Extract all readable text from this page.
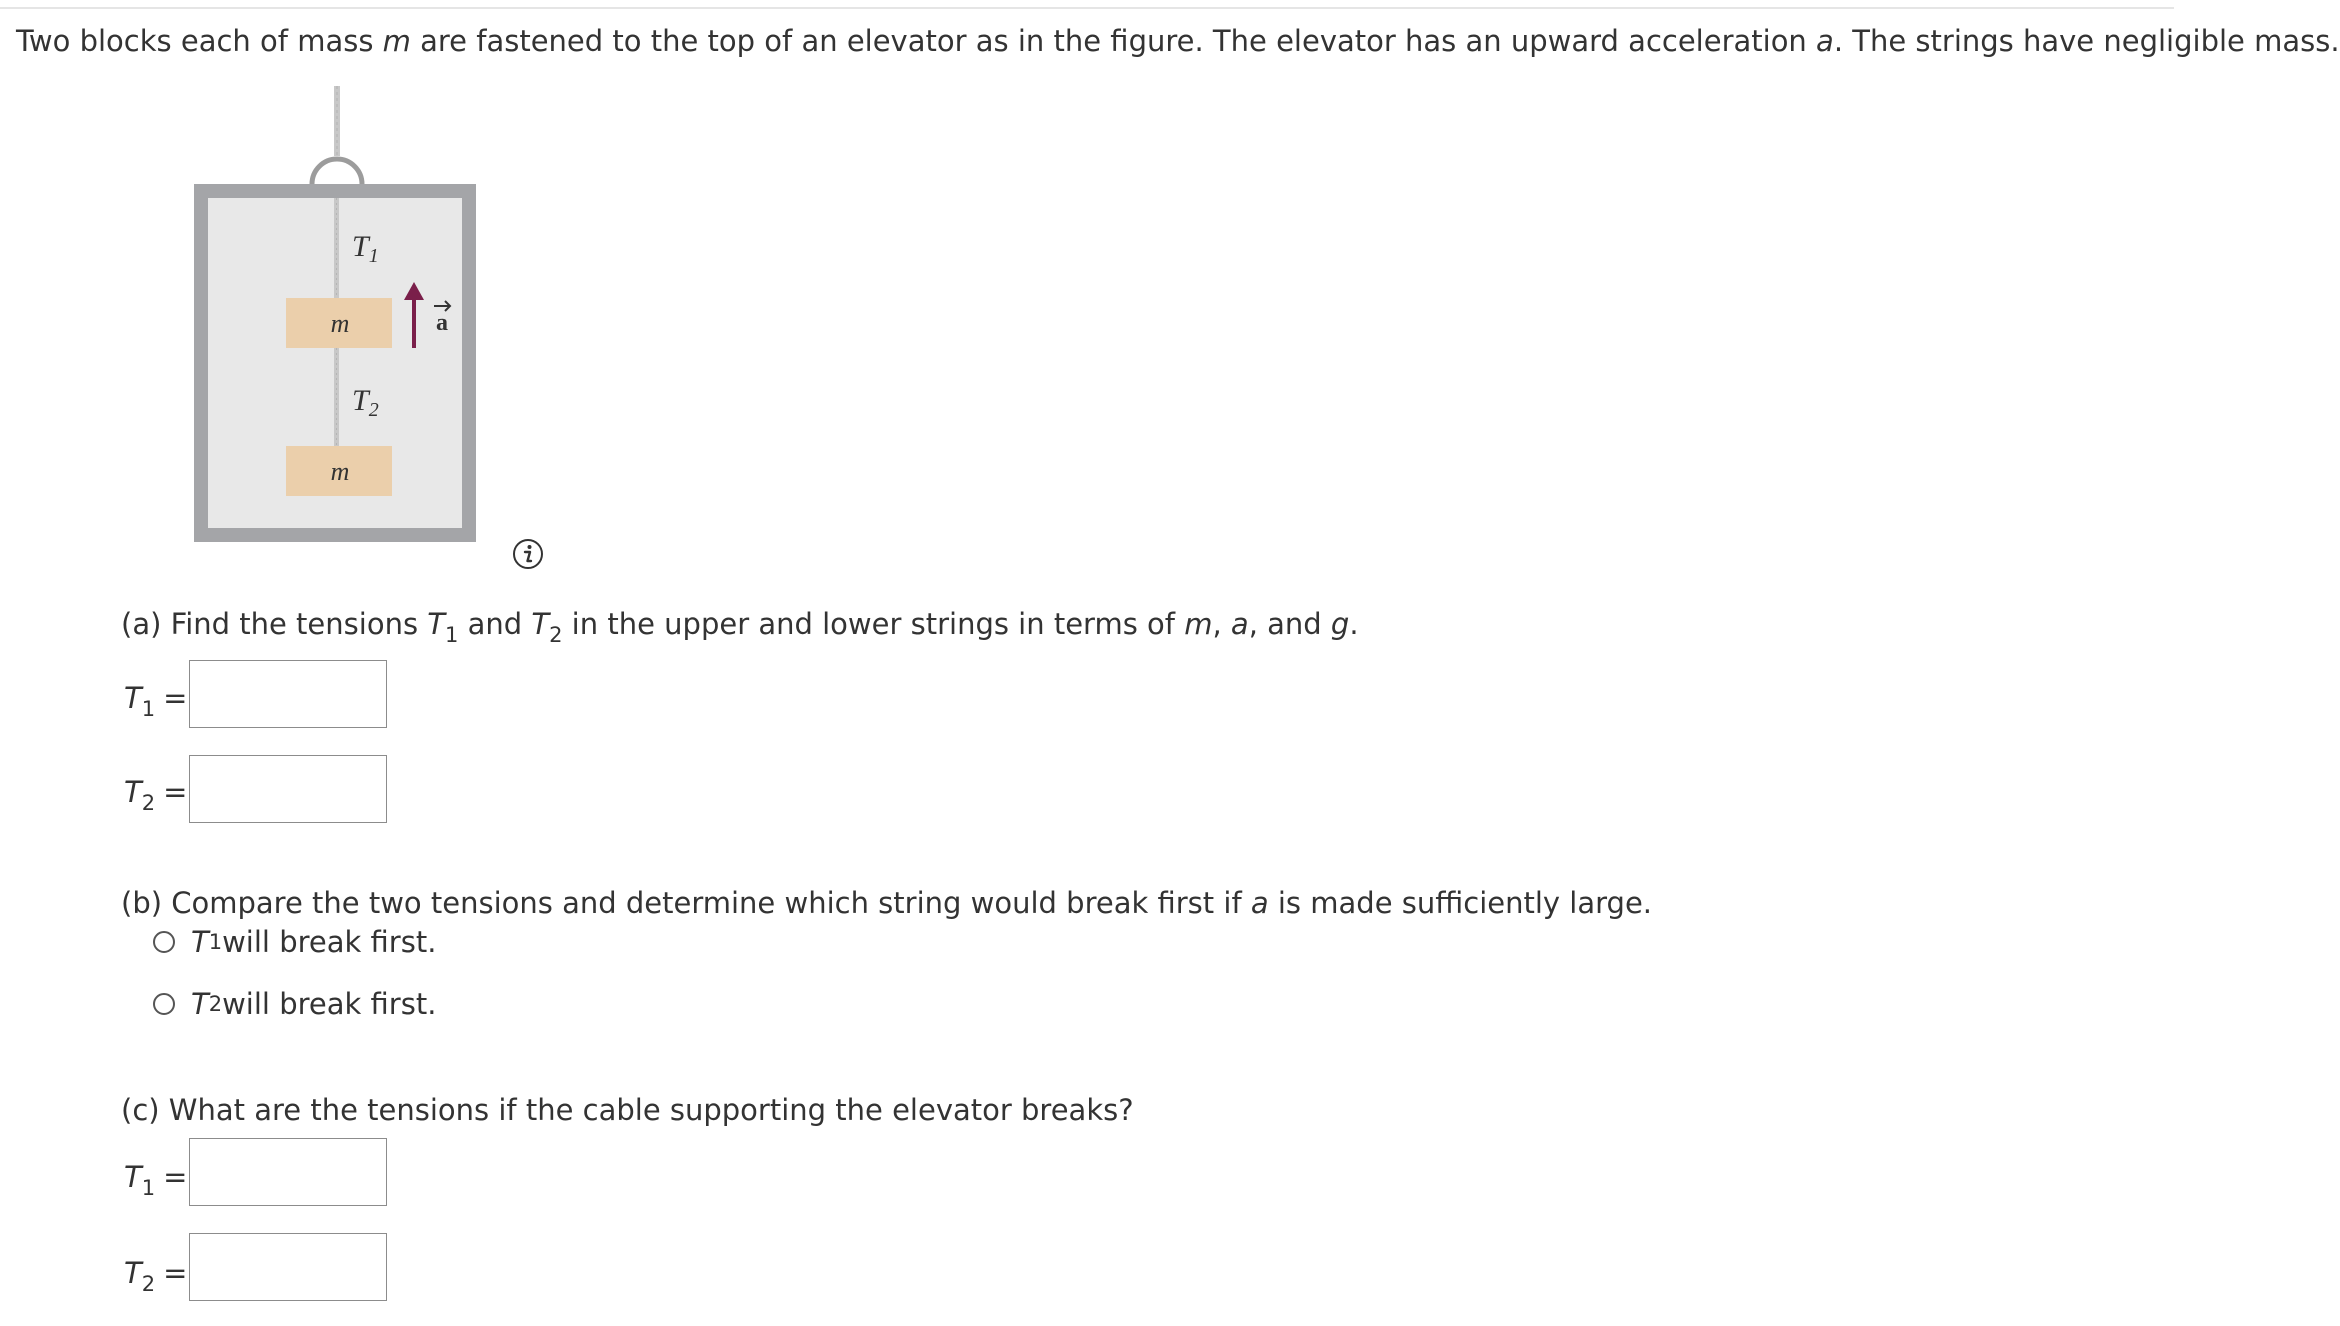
Two blocks each of mass m are fastened to the top of an elevator as in the figure. The elevator has an upward acceleration a. The strings have negligible mass.
$T_1$
$T_2$
m
m
a
(a) Find the tensions $T_1$ and $T_2$ in the upper and lower strings in terms of m, a, and g.
$T_1$ =
$T_2$ =
(b) Compare the two tensions and determine which string would break first if a is made sufficiently large.
T 1 will break first.
T 2 will break first.
(c) What are the tensions if the cable supporting the elevator breaks?
$T_1$ =
$T_2$ =
